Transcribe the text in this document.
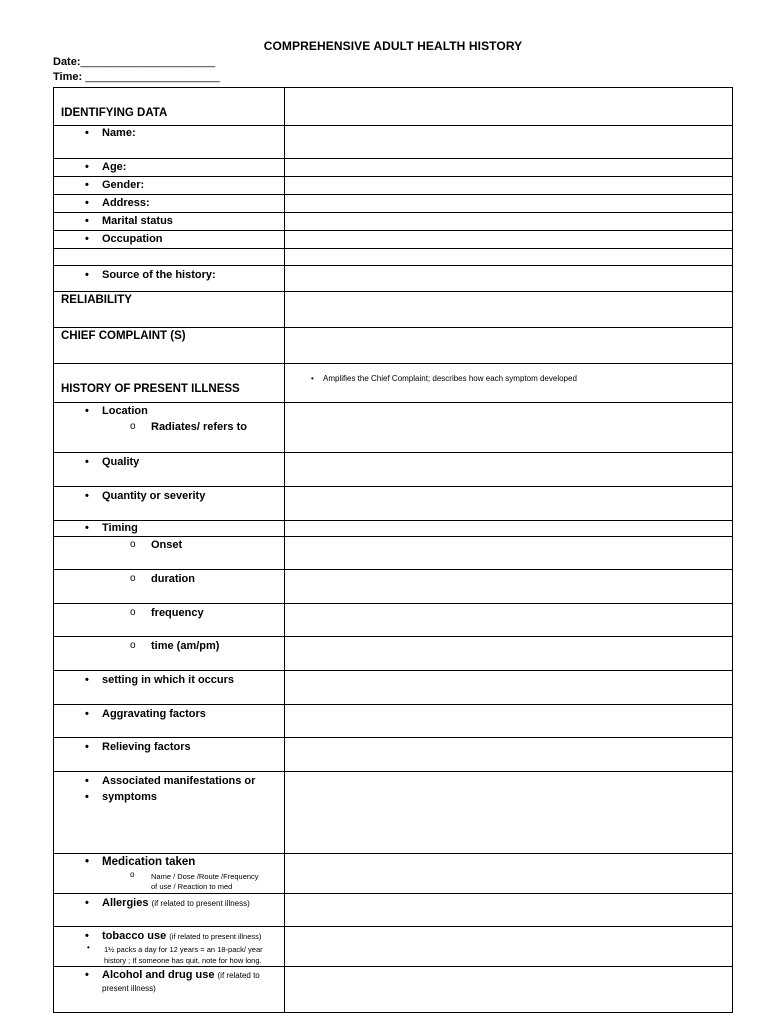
COMPREHENSIVE ADULT HEALTH HISTORY
Date:______________________
Time: ______________________
IDENTIFYING DATA	

• Name:

• Age:

• Gender:

• Address:

• Marital status

• Occupation

• Source of the history:

RELIABILITY	

CHIEF COMPLAINT (S)	

HISTORY OF PRESENT ILLNESS	• Amplifies the Chief Complaint; describes how each symptom developed

• Location
o Radiates/ refers to

• Quality

• Quantity or severity

• Timing

o Onset

o duration

o frequency

o time (am/pm)

• setting in which it occurs

• Aggravating factors

• Relieving factors

• Associated manifestations or
• symptoms

• Medication taken
Name / Dose /Route /Frequency
of use / Reaction to med
o

• Allergies (if related to present illness)

• tobacco use (if related to present illness)
1½ packs a day for 12 years = an 18-pack/ year
history ; If someone has quit, note for how long.
•

• Alcohol and drug use (if related to
present illness)
